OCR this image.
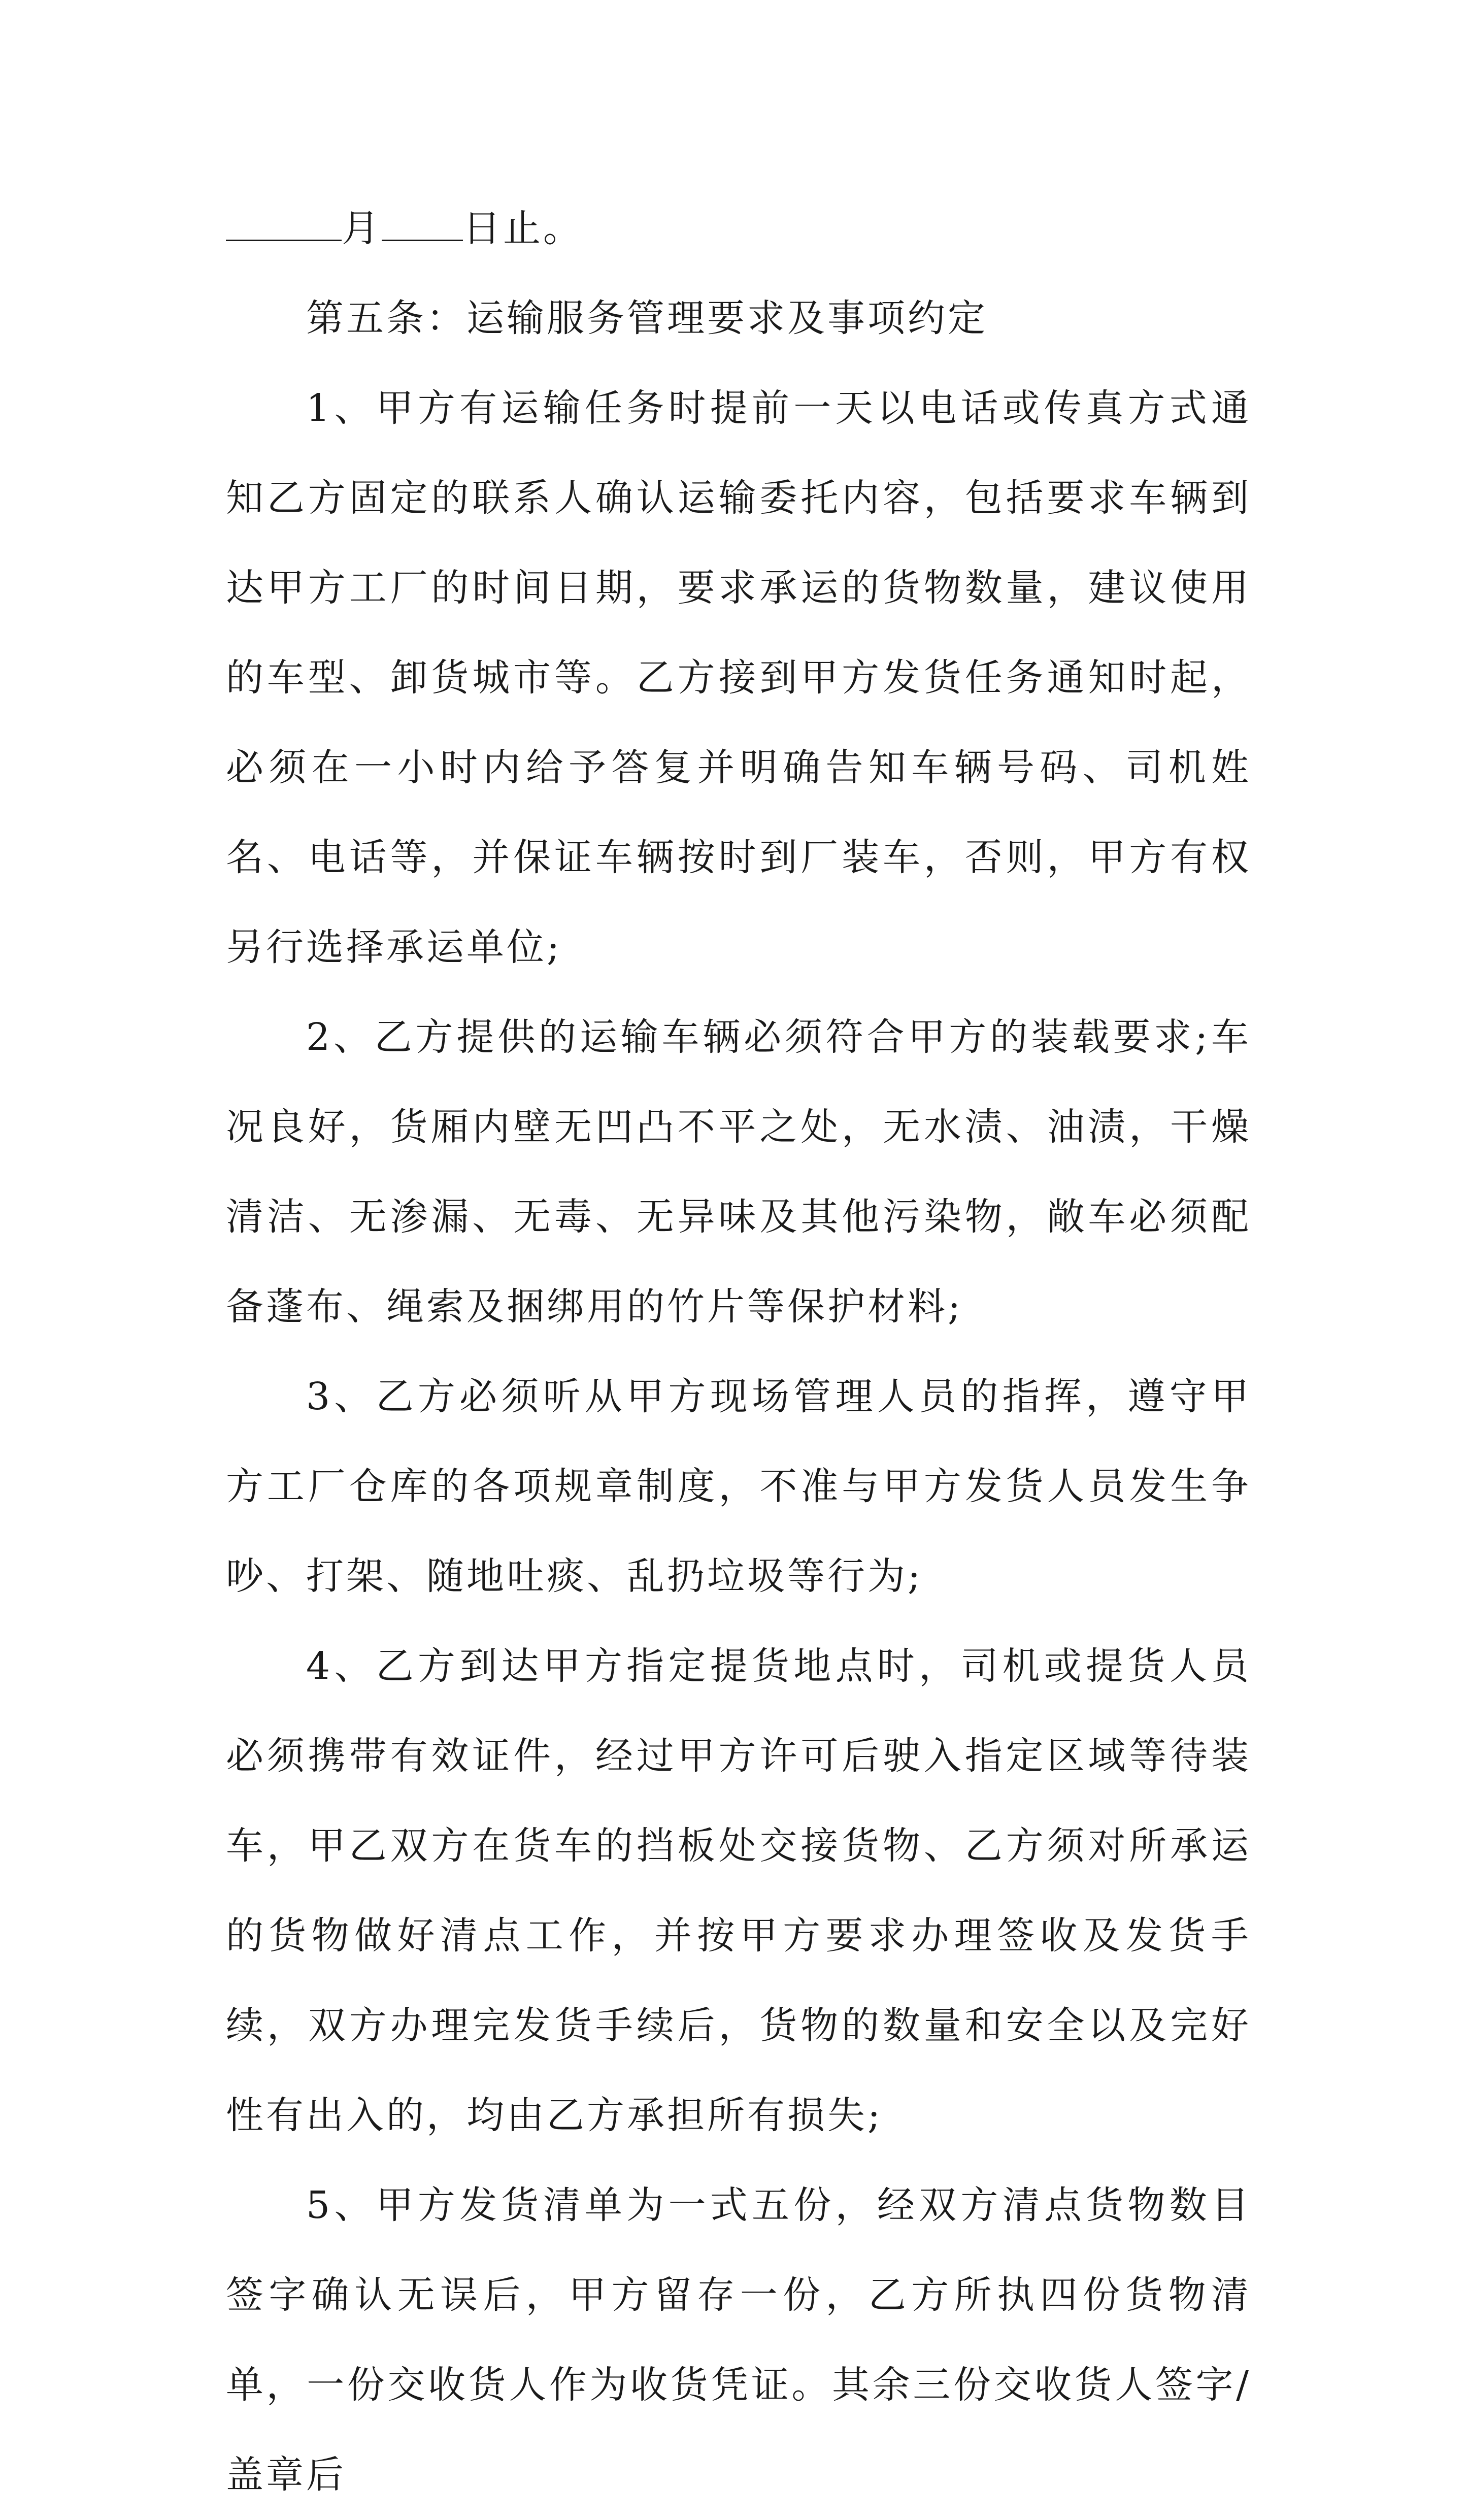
月 日止。

第五条：运输服务管理要求及事项约定

1、甲方有运输任务时提前一天以电话或传真方式通知乙方固定的联系人确认运输委托内容，包括要求车辆到达甲方工厂的时间日期，要求承运的货物数量，建议使用的车型、卸货城市等。乙方接到甲方发货任务通知时起，必须在一小时内给予答复并明确告知车辆号码、司机姓名、电话等，并保证车辆按时到厂装车，否则，甲方有权另行选择承运单位;

2、乙方提供的运输车辆必须符合甲方的装载要求;车况良好，货厢内壁无凹凸不平之处，无水渍、油渍，干燥清洁、无渗漏、无毒、无异味及其他污染物，敞车必须配备蓬布、绳索及捆绑用的竹片等保护材料;

3、乙方必须听从甲方现场管理人员的指挥，遵守甲方工厂仓库的各项规章制度，不准与甲方发货人员发生争吵、打架、随地吐痰、乱扔垃圾等行为;

4、乙方到达甲方指定提货地点时，司机或提货人员必须携带有效证件，经过甲方许可后驶入指定区域等待装车，甲乙双方在货车的挡板处交接货物、乙方须对所承运的货物做好清点工作，并按甲方要求办理签收及发货手续，双方办理完发货手续后，货物的数量和安全以及完好性有出入的，均由乙方承担所有损失;

5、甲方发货清单为一式五份，经双方清点货物数目签字确认无误后，甲方留存一份，乙方所执四份货物清单，一份交收货人作为收货凭证。其余三份交收货人签字/盖章后
